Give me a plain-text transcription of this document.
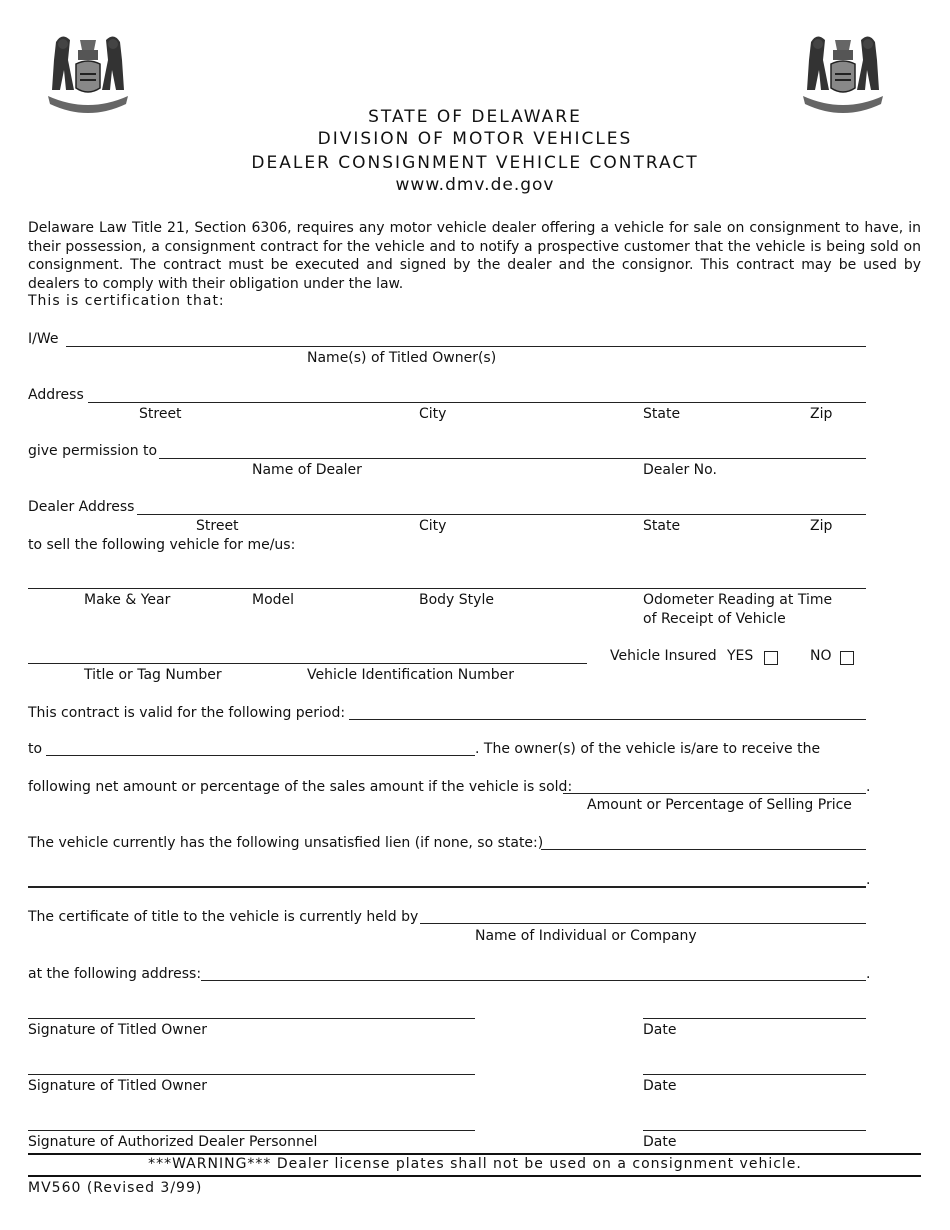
STATE OF DELAWARE
DIVISION OF MOTOR VEHICLES
DEALER CONSIGNMENT VEHICLE CONTRACT
www.dmv.de.gov
Delaware Law Title 21, Section 6306, requires any motor vehicle dealer offering a vehicle for sale on consignment to have, in their possession, a consignment contract for the vehicle and to notify a prospective customer that the vehicle is being sold on consignment. The contract must be executed and signed by the dealer and the consignor. This contract may be used by dealers to comply with their obligation under the law.
This is certification that:
I/We
Name(s) of Titled Owner(s)
Address
Street	City	State	Zip
give permission to
Name of Dealer	Dealer No.
Dealer Address
Street	City	State	Zip
to sell the following vehicle for me/us:
Make & Year	Model	Body Style	Odometer Reading at Time
of Receipt of Vehicle
Vehicle Insured YES	NO
Title or Tag Number	Vehicle Identification Number
This contract is valid for the following period:
to	. The owner(s) of the vehicle is/are to receive the
following net amount or percentage of the sales amount if the vehicle is sold:	.
Amount or Percentage of Selling Price
The vehicle currently has the following unsatisfied lien (if none, so state:)
.
The certificate of title to the vehicle is currently held by
Name of Individual or Company
at the following address:	.
Signature of Titled Owner	Date
Signature of Titled Owner	Date
Signature of Authorized Dealer Personnel	Date
***WARNING*** Dealer license plates shall not be used on a consignment vehicle.
MV560 (Revised 3/99)
